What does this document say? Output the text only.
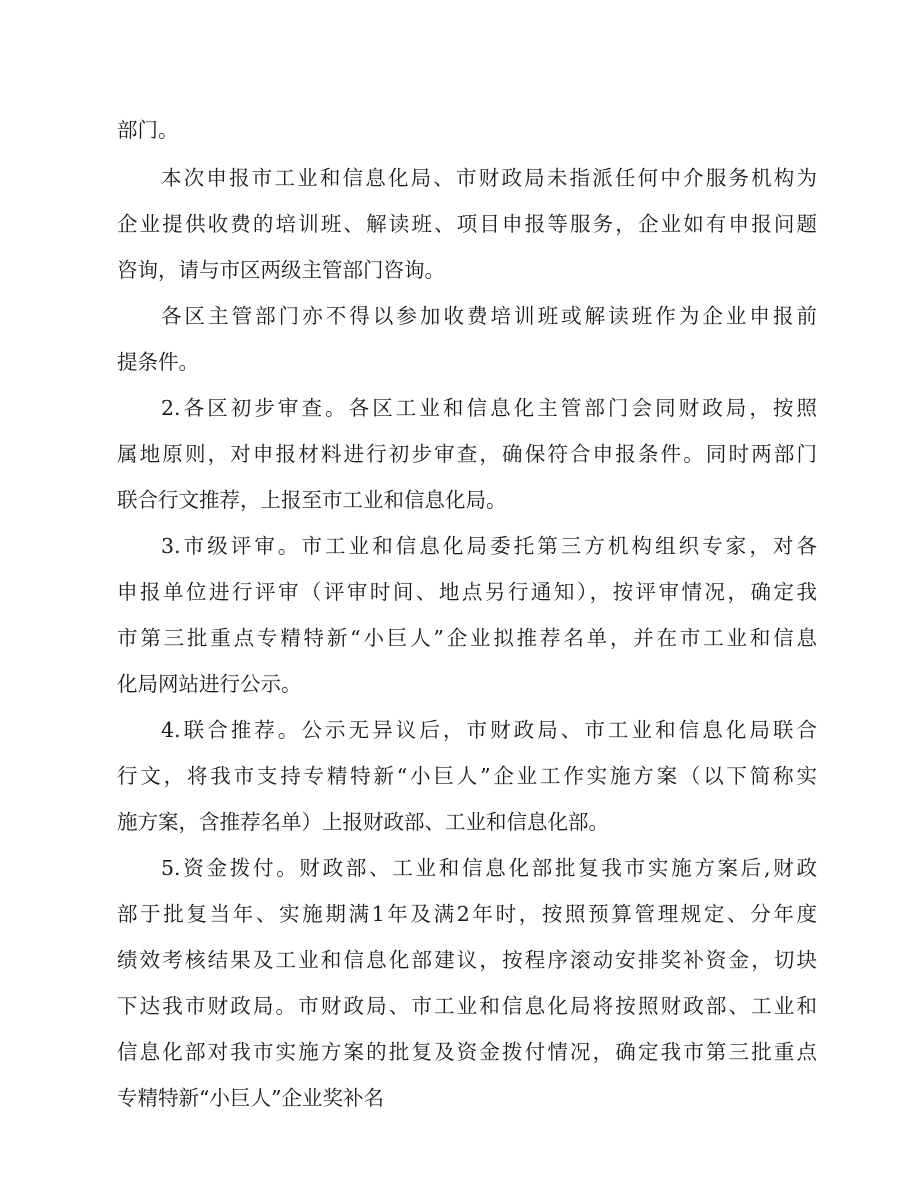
部门。

本次申报市工业和信息化局、市财政局未指派任何中介服务机构为

企业提供收费的培训班、解读班、项目申报等服务，企业如有申报问题

咨询，请与市区两级主管部门咨询。

各区主管部门亦不得以参加收费培训班或解读班作为企业申报前

提条件。

2.各区初步审查。各区工业和信息化主管部门会同财政局，按照

属地原则，对申报材料进行初步审查，确保符合申报条件。同时两部门

联合行文推荐，上报至市工业和信息化局。

3.市级评审。市工业和信息化局委托第三方机构组织专家，对各

申报单位进行评审（评审时间、地点另行通知），按评审情况，确定我

市第三批重点专精特新“小巨人”企业拟推荐名单，并在市工业和信息

化局网站进行公示。

4.联合推荐。公示无异议后，市财政局、市工业和信息化局联合

行文，将我市支持专精特新“小巨人”企业工作实施方案（以下简称实

施方案，含推荐名单）上报财政部、工业和信息化部。

5.资金拨付。财政部、工业和信息化部批复我市实施方案后,财政

部于批复当年、实施期满1年及满2年时，按照预算管理规定、分年度

绩效考核结果及工业和信息化部建议，按程序滚动安排奖补资金，切块

下达我市财政局。市财政局、市工业和信息化局将按照财政部、工业和

信息化部对我市实施方案的批复及资金拨付情况，确定我市第三批重点

专精特新“小巨人”企业奖补名
